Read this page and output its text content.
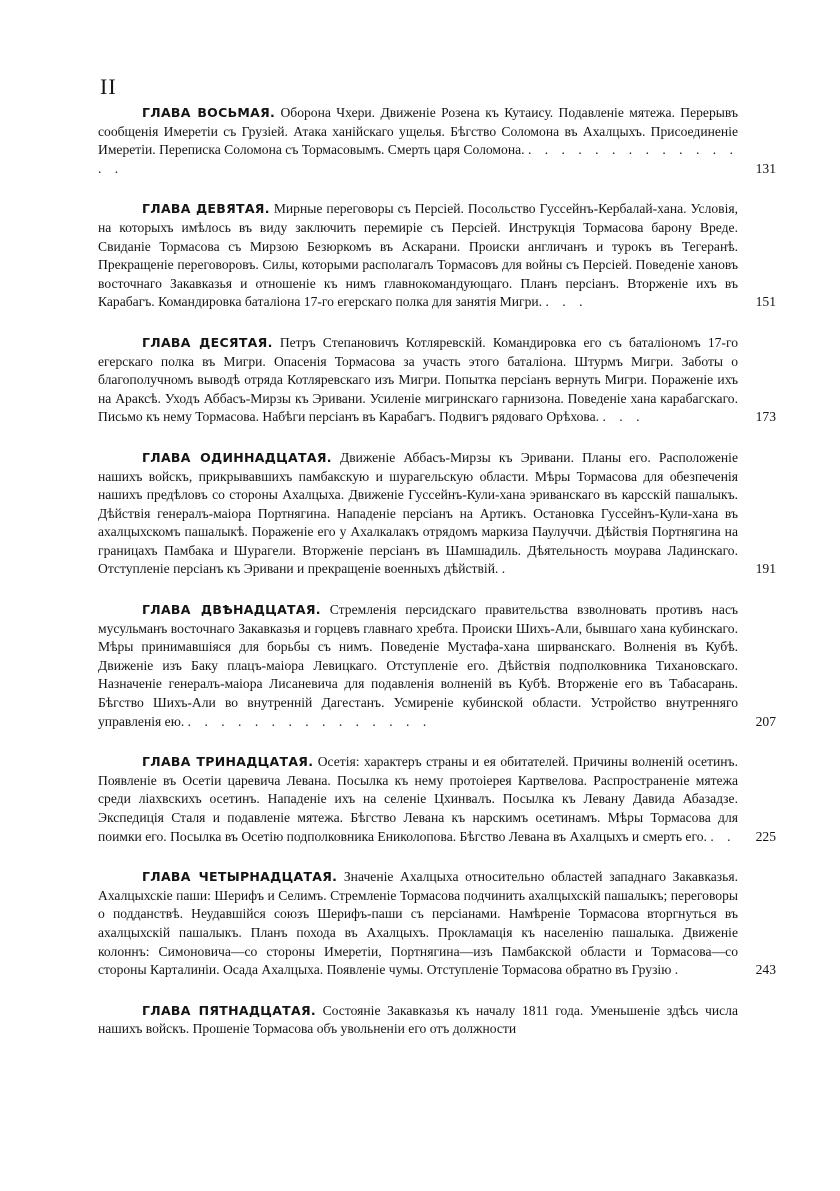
II

ГЛАВА ВОСЬМАЯ. Оборона Чхери. Движеніе Розена къ Кутаису. Подавленіе мятежа. Перерывъ сообщенія Имеретіи съ Грузіей. Атака ханійскаго ущелья. Бѣгство Соломона въ Ахалцыхъ. Присоединеніе Имеретіи. Переписка Соломона съ Тормасовымъ. Смерть царя Соломона. . . . . . . . . . . . . . . .	131

ГЛАВА ДЕВЯТАЯ. Мирные переговоры съ Персіей. Посольство Гуссейнъ-Кербалай-хана. Условія, на которыхъ имѣлось въ виду заключить перемиріе съ Персіей. Инструкція Тормасова барону Вреде. Свиданіе Тормасова съ Мирзою Безюркомъ въ Аскарани. Происки англичанъ и турокъ въ Тегеранѣ. Прекращеніе переговоровъ. Силы, которыми располагалъ Тормасовъ для войны съ Персіей. Поведеніе хановъ восточнаго Закавказья и отношеніе къ нимъ главнокомандующаго. Планъ персіанъ. Вторженіе ихъ въ Карабагъ. Командировка баталіона 17-го егерскаго полка для занятія Мигри. . . .	151

ГЛАВА ДЕСЯТАЯ. Петръ Степановичъ Котляревскій. Командировка его съ баталіономъ 17-го егерскаго полка въ Мигри. Опасенія Тормасова за участь этого баталіона. Штурмъ Мигри. Заботы о благополучномъ выводѣ отряда Котляревскаго изъ Мигри. Попытка персіанъ вернуть Мигри. Пораженіе ихъ на Араксѣ. Уходъ Аббасъ-Мирзы къ Эривани. Усиленіе мигринскаго гарнизона. Поведеніе хана карабагскаго. Письмо къ нему Тормасова. Набѣги персіанъ въ Карабагъ. Подвигъ рядоваго Орѣхова. . . .	173

ГЛАВА ОДИННАДЦАТАЯ. Движеніе Аббасъ-Мирзы къ Эривани. Планы его. Расположеніе нашихъ войскъ, прикрывавшихъ памбакскую и шурагельскую области. Мѣры Тормасова для обезпеченія нашихъ предѣловъ со стороны Ахалцыха. Движеніе Гуссейнъ-Кули-хана эриванскаго въ карсскій пашалыкъ. Дѣйствія генералъ-маіора Портнягина. Нападеніе персіанъ на Артикъ. Остановка Гуссейнъ-Кули-хана въ ахалцыхскомъ пашалыкѣ. Пораженіе его у Ахалкалакъ отрядомъ маркиза Паулуччи. Дѣйствія Портнягина на границахъ Памбака и Шурагели. Вторженіе персіанъ въ Шамшадиль. Дѣятельность моурава Ладинскаго. Отступленіе персіанъ къ Эривани и прекращеніе военныхъ дѣйствій. .	191

ГЛАВА ДВѢНАДЦАТАЯ. Стремленія персидскаго правительства взволновать противъ насъ мусульманъ восточнаго Закавказья и горцевъ главнаго хребта. Происки Шихъ-Али, бывшаго хана кубинскаго. Мѣры принимавшіяся для борьбы съ нимъ. Поведеніе Мустафа-хана ширванскаго. Волненія въ Кубѣ. Движеніе изъ Баку плацъ-маіора Левицкаго. Отступленіе его. Дѣйствія подполковника Тихановскаго. Назначеніе генералъ-маіора Лисаневича для подавленія волненій въ Кубѣ. Вторженіе его въ Табасарань. Бѣгство Шихъ-Али во внутренній Дагестанъ. Усмиреніе кубинской области. Устройство внутренняго управленія ею. . . . . . . . . . . . . . . .	207

ГЛАВА ТРИНАДЦАТАЯ. Осетія: характеръ страны и ея обитателей. Причины волненій осетинъ. Появленіе въ Осетіи царевича Левана. Посылка къ нему протоіерея Картвелова. Распространеніе мятежа среди ліахвскихъ осетинъ. Нападеніе ихъ на селеніе Цхинвалъ. Посылка къ Левану Давида Абазадзе. Экспедиція Сталя и подавленіе мятежа. Бѣгство Левана къ нарскимъ осетинамъ. Мѣры Тормасова для поимки его. Посылка въ Осетію подполковника Ениколопова. Бѣгство Левана въ Ахалцыхъ и смерть его. . .	225

ГЛАВА ЧЕТЫРНАДЦАТАЯ. Значеніе Ахалцыха относительно областей западнаго Закавказья. Ахалцыхскіе паши: Шерифъ и Селимъ. Стремленіе Тормасова подчинить ахалцыхскій пашалыкъ; переговоры о подданствѣ. Неудавшійся союзъ Шерифъ-паши съ персіанами. Намѣреніе Тормасова вторгнуться въ ахалцыхскій пашалыкъ. Планъ похода въ Ахалцыхъ. Прокламація къ населенію пашалыка. Движеніе колоннъ: Симоновича—со стороны Имеретіи, Портнягина—изъ Памбакской области и Тормасова—со стороны Карталиніи. Осада Ахалцыха. Появленіе чумы. Отступленіе Тормасова обратно въ Грузію .	243

ГЛАВА ПЯТНАДЦАТАЯ. Состояніе Закавказья къ началу 1811 года. Уменьшеніе здѣсь числа нашихъ войскъ. Прошеніе Тормасова объ увольненіи его отъ должности
